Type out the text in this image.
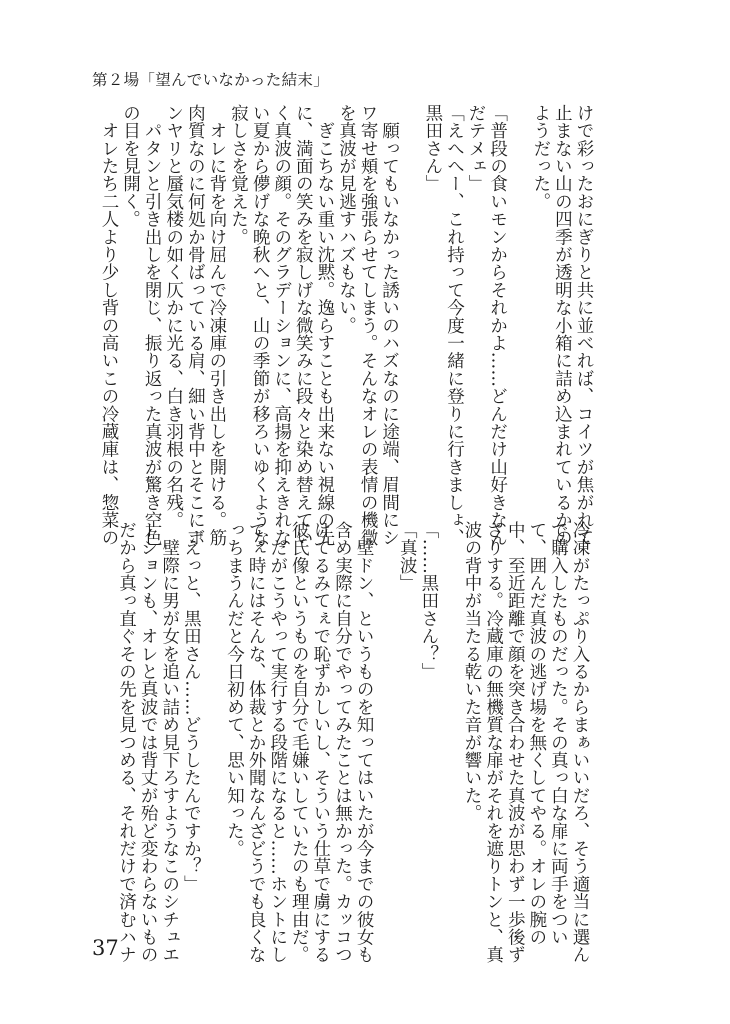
第２場「望んでいなかった結末」
けで彩ったおにぎりと共に並べれば、コイツが焦がれて
止まない山の四季が透明な小箱に詰め込まれているかの
ようだった。

「普段の食いモンからそれかよ……どんだけ山好きなん
だテメェ」
「えへへー、これ持って今度一緒に登りに行きましょ、
黒田さん」

　願ってもいなかった誘いのハズなのに途端、眉間にシ
ワ寄せ頬を強張らせてしまう。そんなオレの表情の機微
を真波が見逃すハズもない。
　ぎこちない重い沈黙。逸らすことも出来ない視線の先
に、満面の笑みを寂しげな微笑みに段々と染め替えてい
く真波の顔。そのグラデーションに、高揚を抑えきれな
い夏から儚げな晩秋へと、山の季節が移ろいゆくような
寂しさを覚えた。
　オレに背を向け屈んで冷凍庫の引き出しを開ける。筋
肉質なのに何処か骨ばっている肩、細い背中とそこにボ
ンヤリと蜃気楼の如く仄かに光る、白き羽根の名残。
　パタンと引き出しを閉じ、振り返った真波が驚き空色
の目を見開く。
　オレたち二人より少し背の高いこの冷蔵庫は、惣菜の
冷凍がたっぷり入るからまぁいいだろ、そう適当に選ん
で購入したものだった。その真っ白な扉に両手をつい
て、囲んだ真波の逃げ場を無くしてやる。オレの腕の
中、至近距離で顔を突き合わせた真波が思わず一歩後ず
さりする。冷蔵庫の無機質な扉がそれを遮りトンと、真
波の背中が当たる乾いた音が響いた。

「……黒田さん？」
「真波」

　壁ドン、というものを知ってはいたが今までの彼女も
含め実際に自分でやってみたことは無かった。カッコつ
けてるみてぇで恥ずかしいし、そういう仕草で虜にする
彼氏像というものを自分で毛嫌いしていたのも理由だ。
　だがこうやって実行する段階になると……ホントにし
てぇ時にはそんな、体裁とか外聞なんざどうでも良くな
っちまうんだと今日初めて、思い知った。

「えっと、黒田さん……どうしたんですか？」
　壁際に男が女を追い詰め見下ろすようなこのシチュエ
ーションも、オレと真波では背丈が殆ど変わらないもの
だから真っ直ぐその先を見つめる、それだけで済むハナ
37
